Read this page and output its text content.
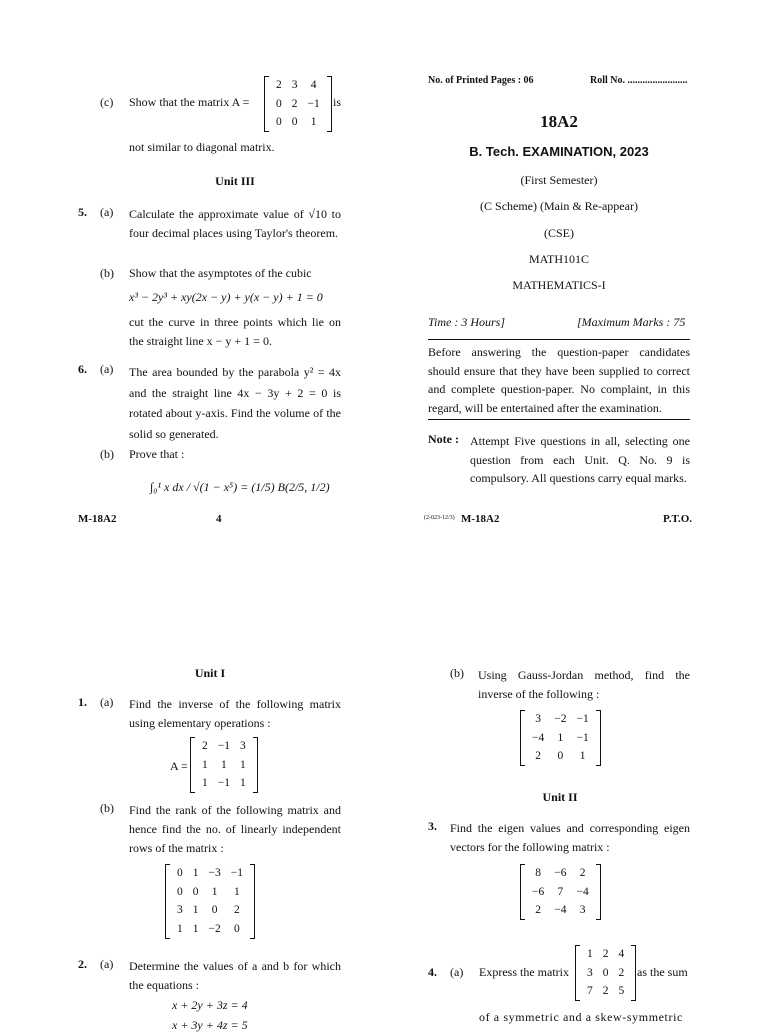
(c) Show that the matrix A =
2	3	4
0	2	−1
0	0	1
is
not similar to diagonal matrix.
Unit III
5. (a) Calculate the approximate value of √10 to four decimal places using Taylor's theorem.
(b) Show that the asymptotes of the cubic
x³ − 2y³ + xy(2x − y) + y(x − y) + 1 = 0
cut the curve in three points which lie on the straight line x − y + 1 = 0.
6. (a) The area bounded by the parabola y² = 4x and the straight line 4x − 3y + 2 = 0 is rotated about y-axis. Find the volume of the solid so generated.
(b) Prove that :
∫₀¹ x dx / √(1 − x⁵) = (1/5) B(2/5, 1/2)
M-18A2	4
No. of Printed Pages : 06	Roll No. ........................
18A2
B. Tech. EXAMINATION, 2023
(First Semester)
(C Scheme) (Main & Re-appear)
(CSE)
MATH101C
MATHEMATICS-I
Time : 3 Hours]	[Maximum Marks : 75
Before answering the question-paper candidates should ensure that they have been supplied to correct and complete question-paper. No complaint, in this regard, will be entertained after the examination.
Note : Attempt Five questions in all, selecting one question from each Unit. Q. No. 9 is compulsory. All questions carry equal marks.
(2-023-12/3) M-18A2	P.T.O.
Unit I
1. (a) Find the inverse of the following matrix using elementary operations :
A =
2	−1	3
1	1	1
1	−1	1
(b) Find the rank of the following matrix and hence find the no. of linearly independent rows of the matrix :
0	1	−3	−1
0	0	1	1
3	1	0	2
1	1	−2	0
2. (a) Determine the values of a and b for which the equations :
x + 2y + 3z = 4
x + 3y + 4z = 5
(b) Using Gauss-Jordan method, find the inverse of the following :
3	−2	−1
−4	1	−1
2	0	1
Unit II
3. Find the eigen values and corresponding eigen vectors for the following matrix :
8	−6	2
−6	7	−4
2	−4	3
4. (a) Express the matrix
1	2	4
3	0	2
7	2	5
as the sum
of a symmetric and a skew-symmetric
